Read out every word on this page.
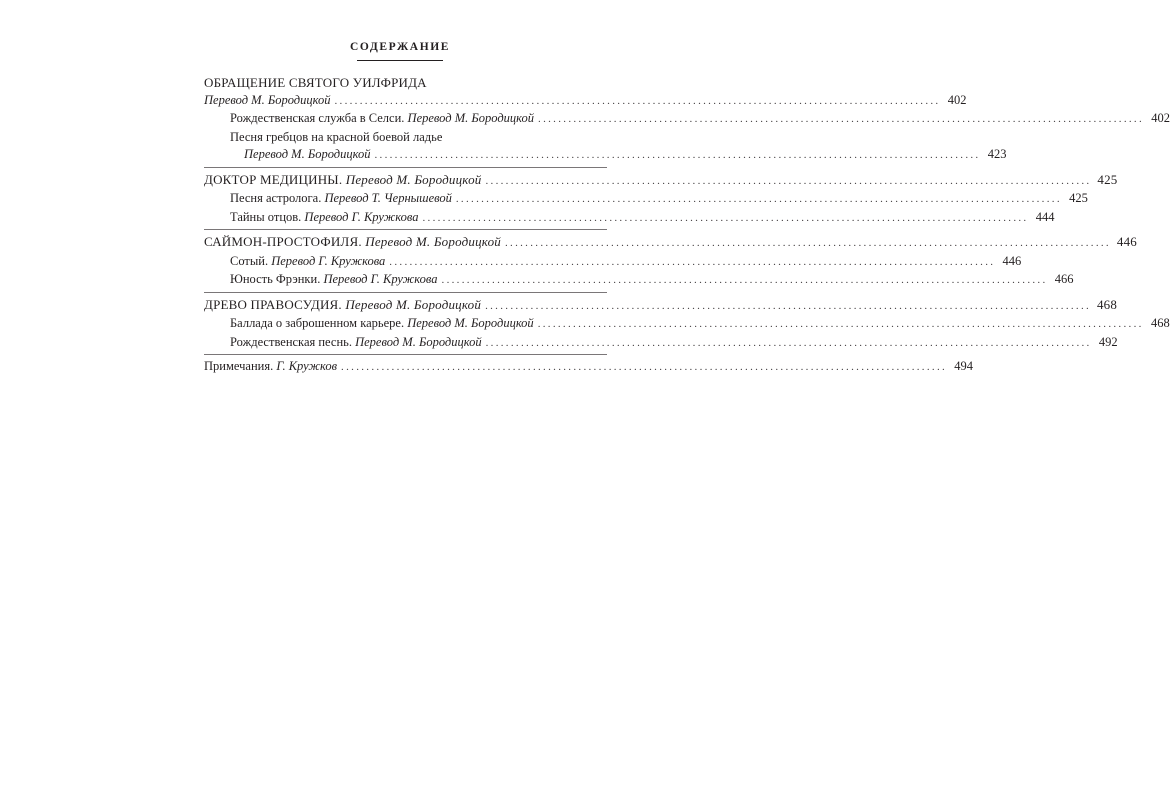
СОДЕРЖАНИЕ
ОБРАЩЕНИЕ СВЯТОГО УИЛФРИДА
Перевод М. Бородицкой ........................................................................................................................ 402
Рождественская служба в Селси. Перевод М. Бородицкой ........................................................................................................................ 402
Песня гребцов на красной боевой ладье
Перевод М. Бородицкой ........................................................................................................................ 423
ДОКТОР МЕДИЦИНЫ. Перевод М. Бородицкой ........................................................................................................................ 425
Песня астролога. Перевод Т. Чернышевой ........................................................................................................................ 425
Тайны отцов. Перевод Г. Кружкова ........................................................................................................................ 444
САЙМОН-ПРОСТОФИЛЯ. Перевод М. Бородицкой ........................................................................................................................ 446
Сотый. Перевод Г. Кружкова ........................................................................................................................ 446
Юность Фрэнки. Перевод Г. Кружкова ........................................................................................................................ 466
ДРЕВО ПРАВОСУДИЯ. Перевод М. Бородицкой ........................................................................................................................ 468
Баллада о заброшенном карьере. Перевод М. Бородицкой ........................................................................................................................ 468
Рождественская песнь. Перевод М. Бородицкой ........................................................................................................................ 492
Примечания. Г. Кружков ........................................................................................................................ 494
